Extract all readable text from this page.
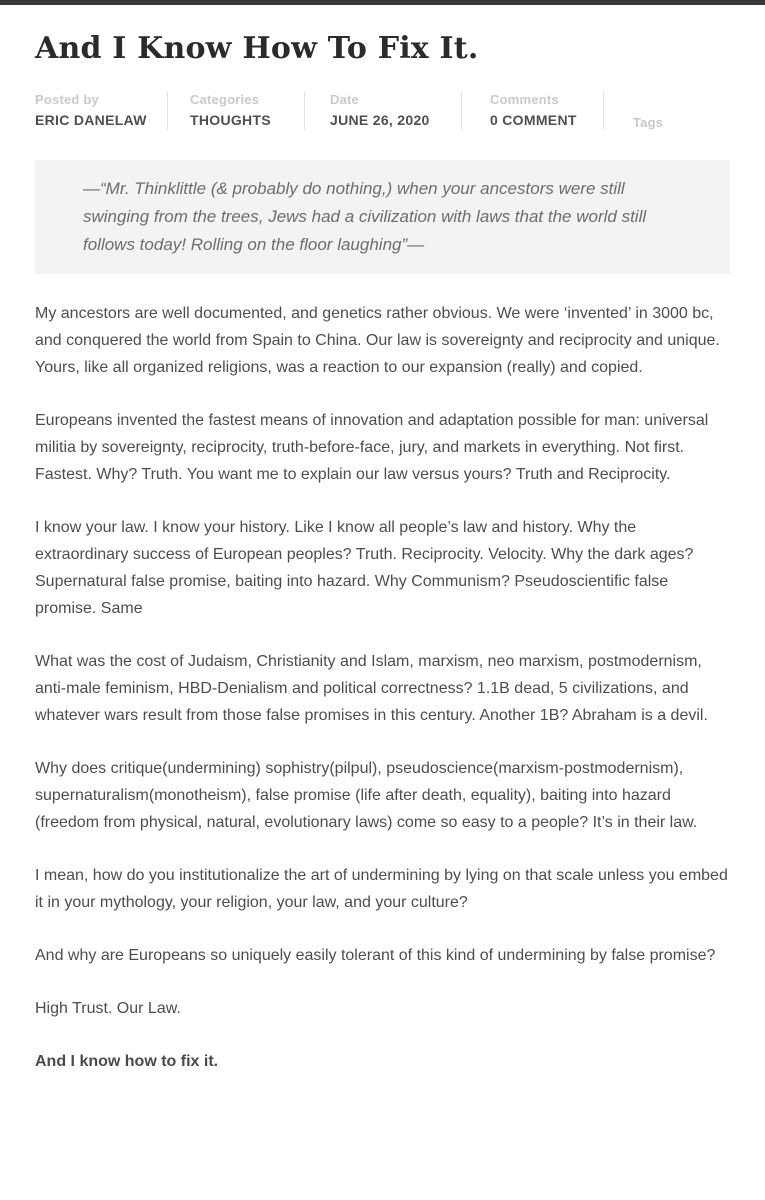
And I Know How To Fix It.
Posted by
ERIC DANELAW
Categories
THOUGHTS
Date
JUNE 26, 2020
Comments
0 COMMENT	Tags
—“Mr. Thinklittle (& probably do nothing,) when your ancestors were still swinging from the trees, Jews had a civilization with laws that the world still follows today! Rolling on the floor laughing”—

My ancestors are well documented, and genetics rather obvious. We were ‘invented’ in 3000 bc, and conquered the world from Spain to China. Our law is sovereignty and reciprocity and unique. Yours, like all organized religions, was a reaction to our expansion (really) and copied.

Europeans invented the fastest means of innovation and adaptation possible for man: universal militia by sovereignty, reciprocity, truth-before-face, jury, and markets in everything. Not first. Fastest. Why? Truth. You want me to explain our law versus yours? Truth and Reciprocity.

I know your law. I know your history. Like I know all people’s law and history. Why the extraordinary success of European peoples? Truth. Reciprocity. Velocity. Why the dark ages? Supernatural false promise, baiting into hazard. Why Communism? Pseudoscientific false promise. Same

What was the cost of Judaism, Christianity and Islam, marxism, neo marxism, postmodernism, anti-male feminism, HBD-Denialism and political correctness? 1.1B dead, 5 civilizations, and whatever wars result from those false promises in this century. Another 1B? Abraham is a devil.

Why does critique(undermining) sophistry(pilpul), pseudoscience(marxism-postmodernism), supernaturalism(monotheism), false promise (life after death, equality), baiting into hazard (freedom from physical, natural, evolutionary laws) come so easy to a people? It’s in their law.

I mean, how do you institutionalize the art of undermining by lying on that scale unless you embed it in your mythology, your religion, your law, and your culture?

And why are Europeans so uniquely easily tolerant of this kind of undermining by false promise?

High Trust. Our Law.

And I know how to fix it.
